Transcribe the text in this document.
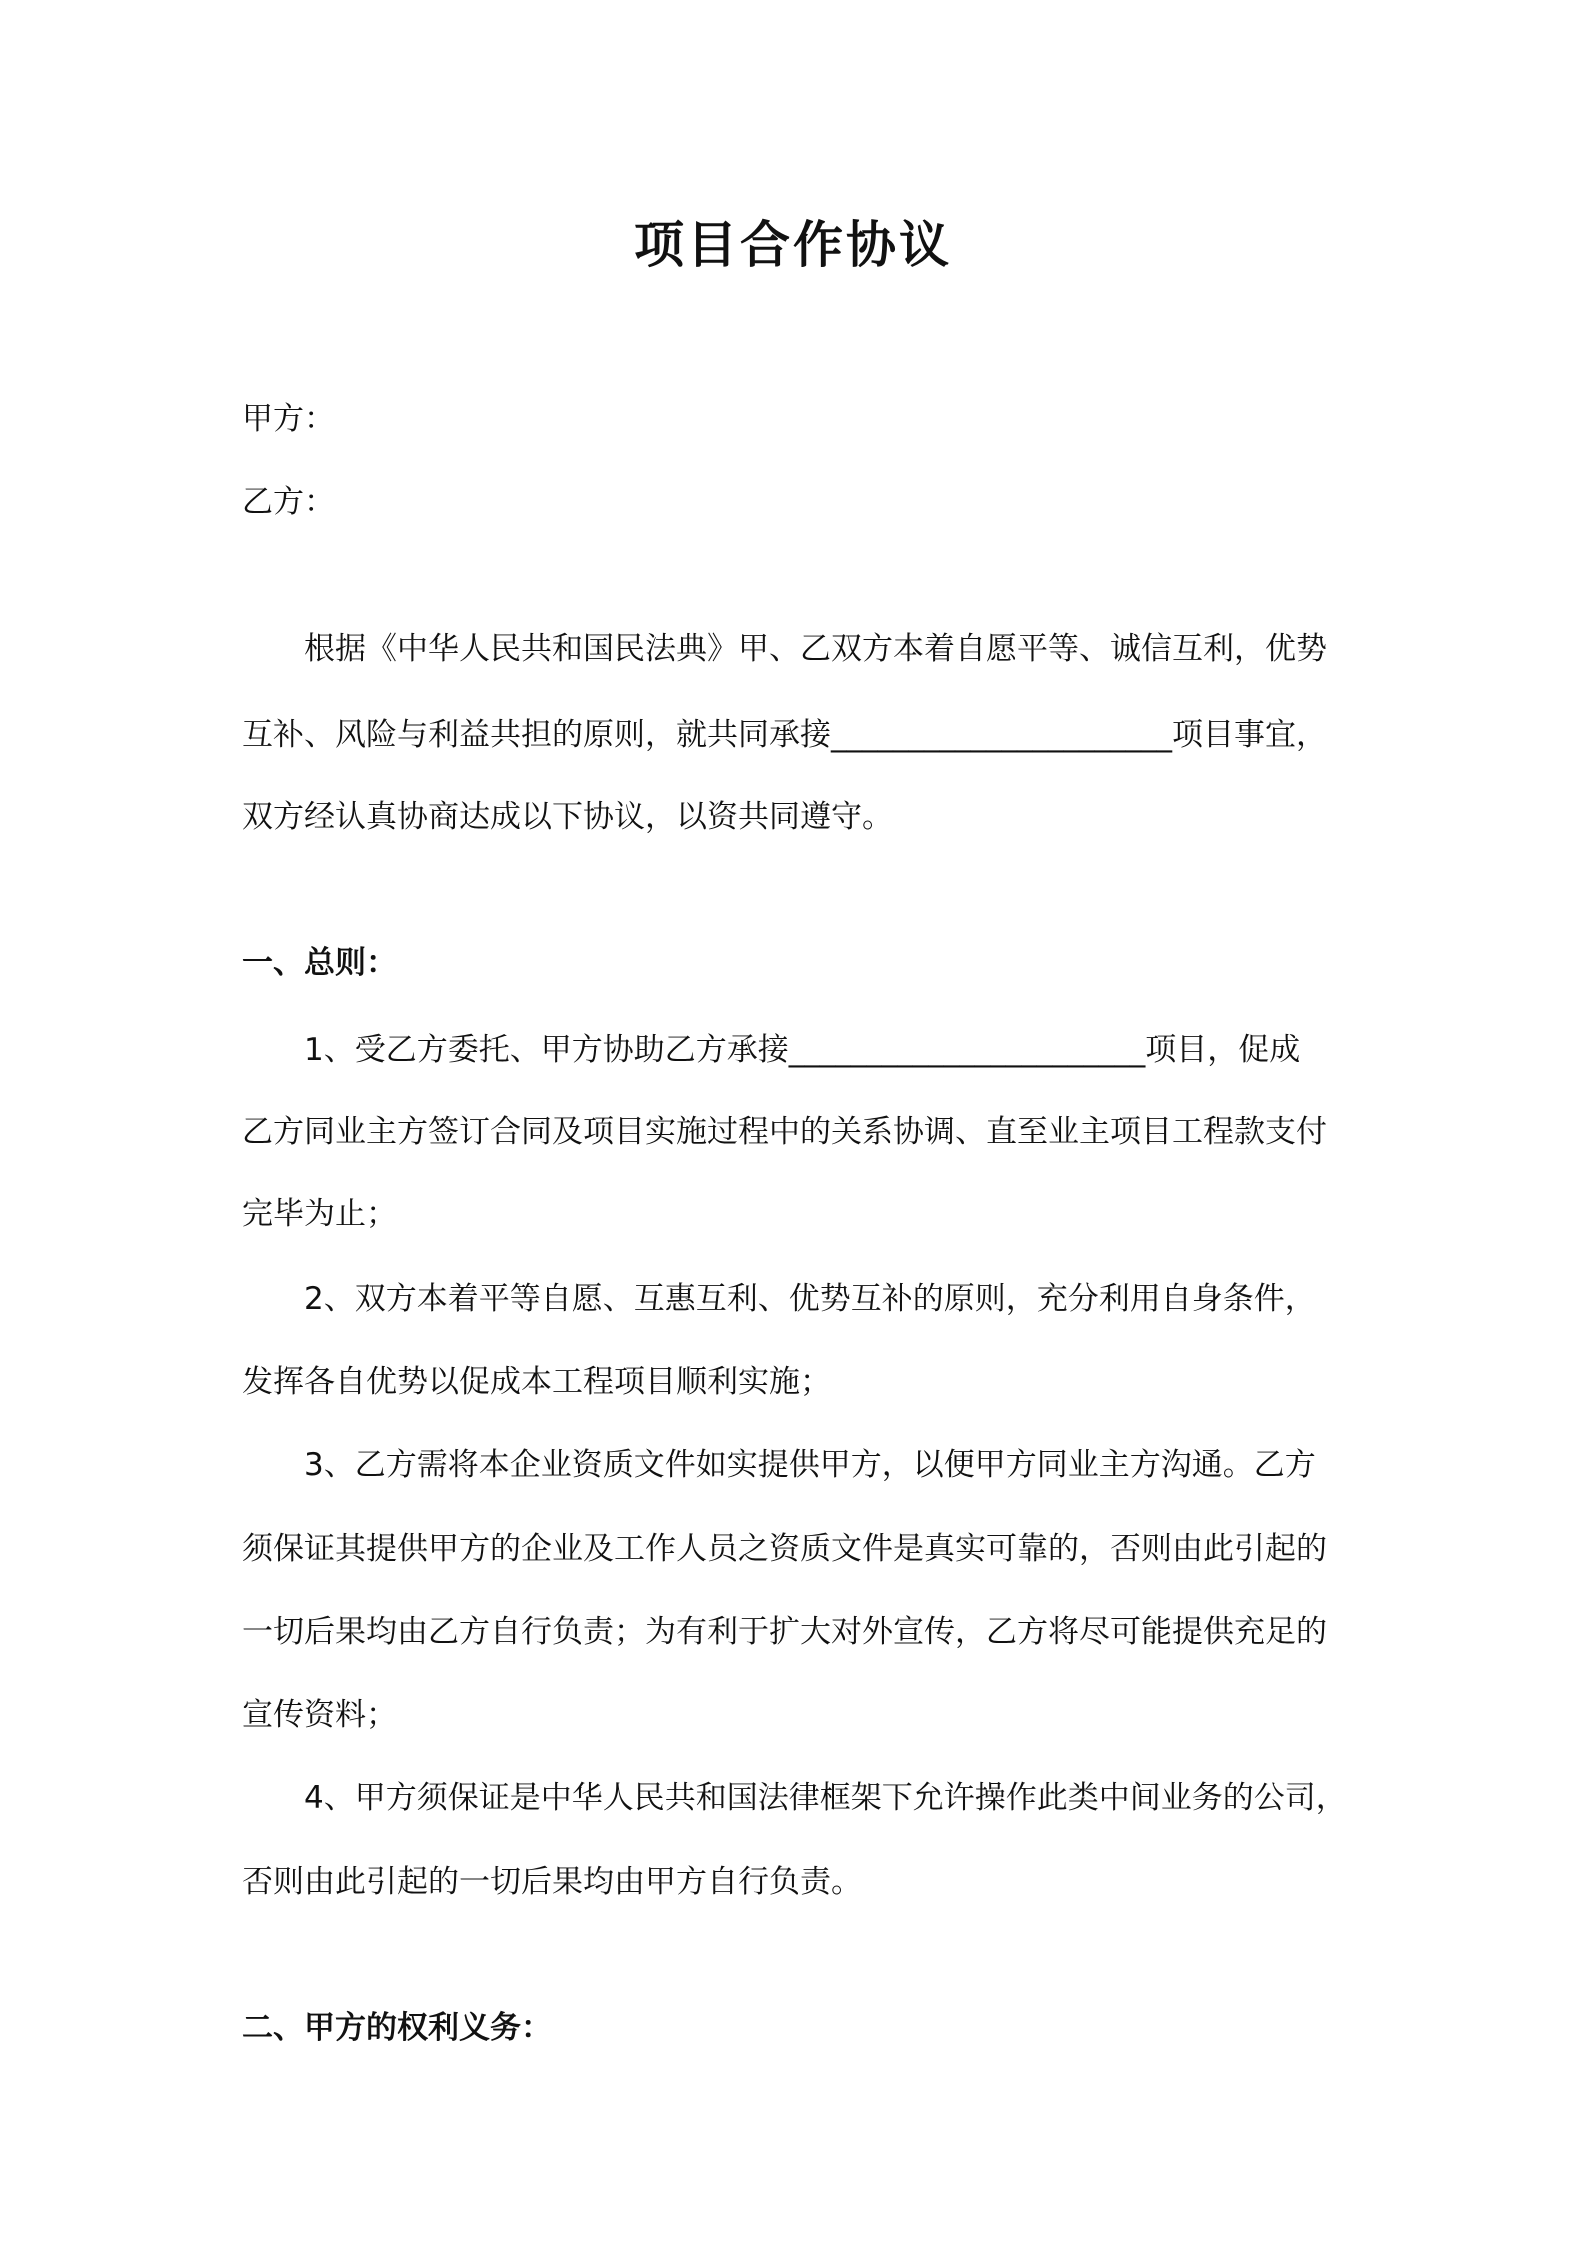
项目合作协议
甲方：
乙方：
根据《中华人民共和国民法典》甲、乙双方本着自愿平等、诚信互利，优势
互补、风险与利益共担的原则，就共同承接______________________项目事宜，
双方经认真协商达成以下协议，以资共同遵守。
一、总则：
1、受乙方委托、甲方协助乙方承接_______________________项目，促成
乙方同业主方签订合同及项目实施过程中的关系协调、直至业主项目工程款支付
完毕为止；
2、双方本着平等自愿、互惠互利、优势互补的原则，充分利用自身条件，
发挥各自优势以促成本工程项目顺利实施；
3、乙方需将本企业资质文件如实提供甲方，以便甲方同业主方沟通。乙方
须保证其提供甲方的企业及工作人员之资质文件是真实可靠的，否则由此引起的
一切后果均由乙方自行负责；为有利于扩大对外宣传，乙方将尽可能提供充足的
宣传资料；
4、甲方须保证是中华人民共和国法律框架下允许操作此类中间业务的公司，
否则由此引起的一切后果均由甲方自行负责。
二、甲方的权利义务：
